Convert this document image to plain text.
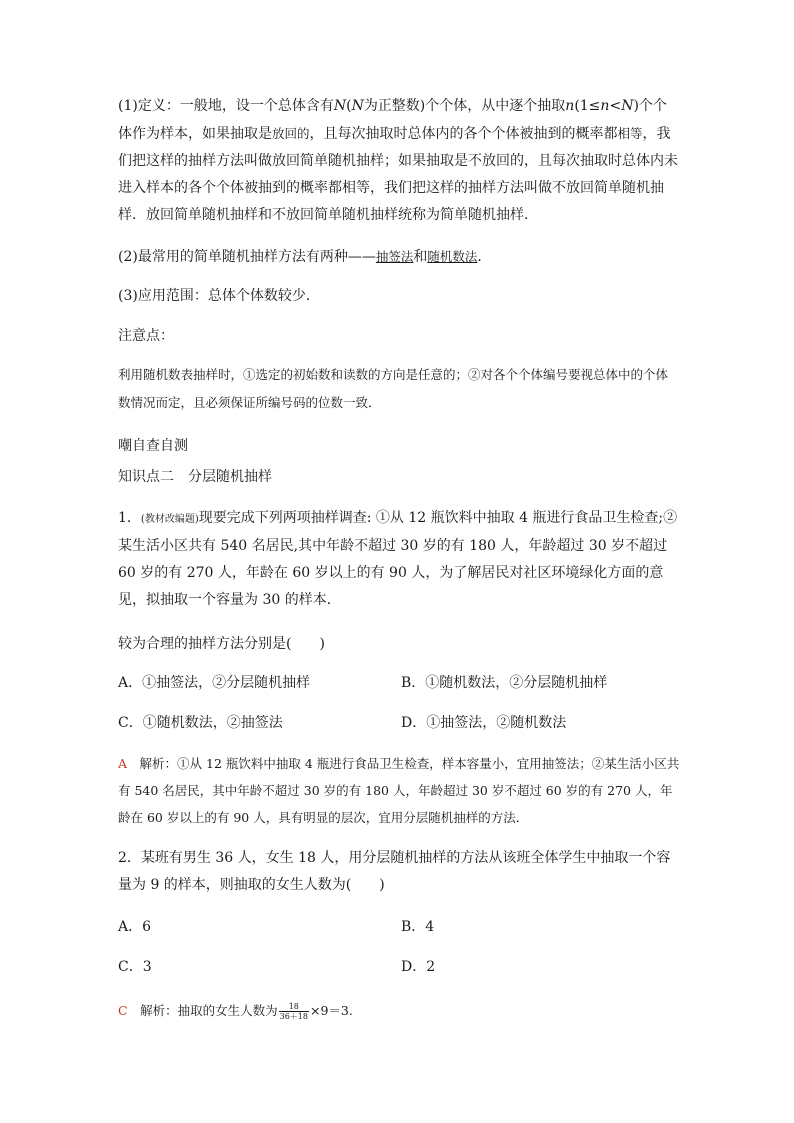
(1)定义：一般地，设一个总体含有N(N为正整数)个个体，从中逐个抽取n(1≤n<N)个个体作为样本，如果抽取是放回的，且每次抽取时总体内的各个个体被抽到的概率都相等，我们把这样的抽样方法叫做放回简单随机抽样；如果抽取是不放回的，且每次抽取时总体内未进入样本的各个个体被抽到的概率都相等，我们把这样的抽样方法叫做不放回简单随机抽样．放回简单随机抽样和不放回简单随机抽样统称为简单随机抽样．
(2)最常用的简单随机抽样方法有两种——抽签法和随机数法．
(3)应用范围：总体个体数较少．
注意点：
利用随机数表抽样时，①选定的初始数和读数的方向是任意的；②对各个个体编号要视总体中的个体数情况而定，且必须保证所编号码的位数一致．
嘲自查自测
知识点二　分层随机抽样
1．(教材改编题)现要完成下列两项抽样调查: ①从 12 瓶饮料中抽取 4 瓶进行食品卫生检查;②某生活小区共有 540 名居民,其中年龄不超过 30 岁的有 180 人，年龄超过 30 岁不超过 60 岁的有 270 人，年龄在 60 岁以上的有 90 人，为了解居民对社区环境绿化方面的意见，拟抽取一个容量为 30 的样本．
较为合理的抽样方法分别是(　　)
A．①抽签法，②分层随机抽样	B．①随机数法，②分层随机抽样
C．①随机数法，②抽签法	D．①抽签法，②随机数法
A　 解析：①从 12 瓶饮料中抽取 4 瓶进行食品卫生检查，样本容量小，宜用抽签法；②某生活小区共有 540 名居民，其中年龄不超过 30 岁的有 180 人，年龄超过 30 岁不超过 60 岁的有 270 人，年龄在 60 岁以上的有 90 人，具有明显的层次，宜用分层随机抽样的方法．
2．某班有男生 36 人，女生 18 人，用分层随机抽样的方法从该班全体学生中抽取一个容量为 9 的样本，则抽取的女生人数为(　　)
A．6	B．4
C．3	D．2
C　 解析：抽取的女生人数为 $\frac{18}{36+18} \times 9=3$.
